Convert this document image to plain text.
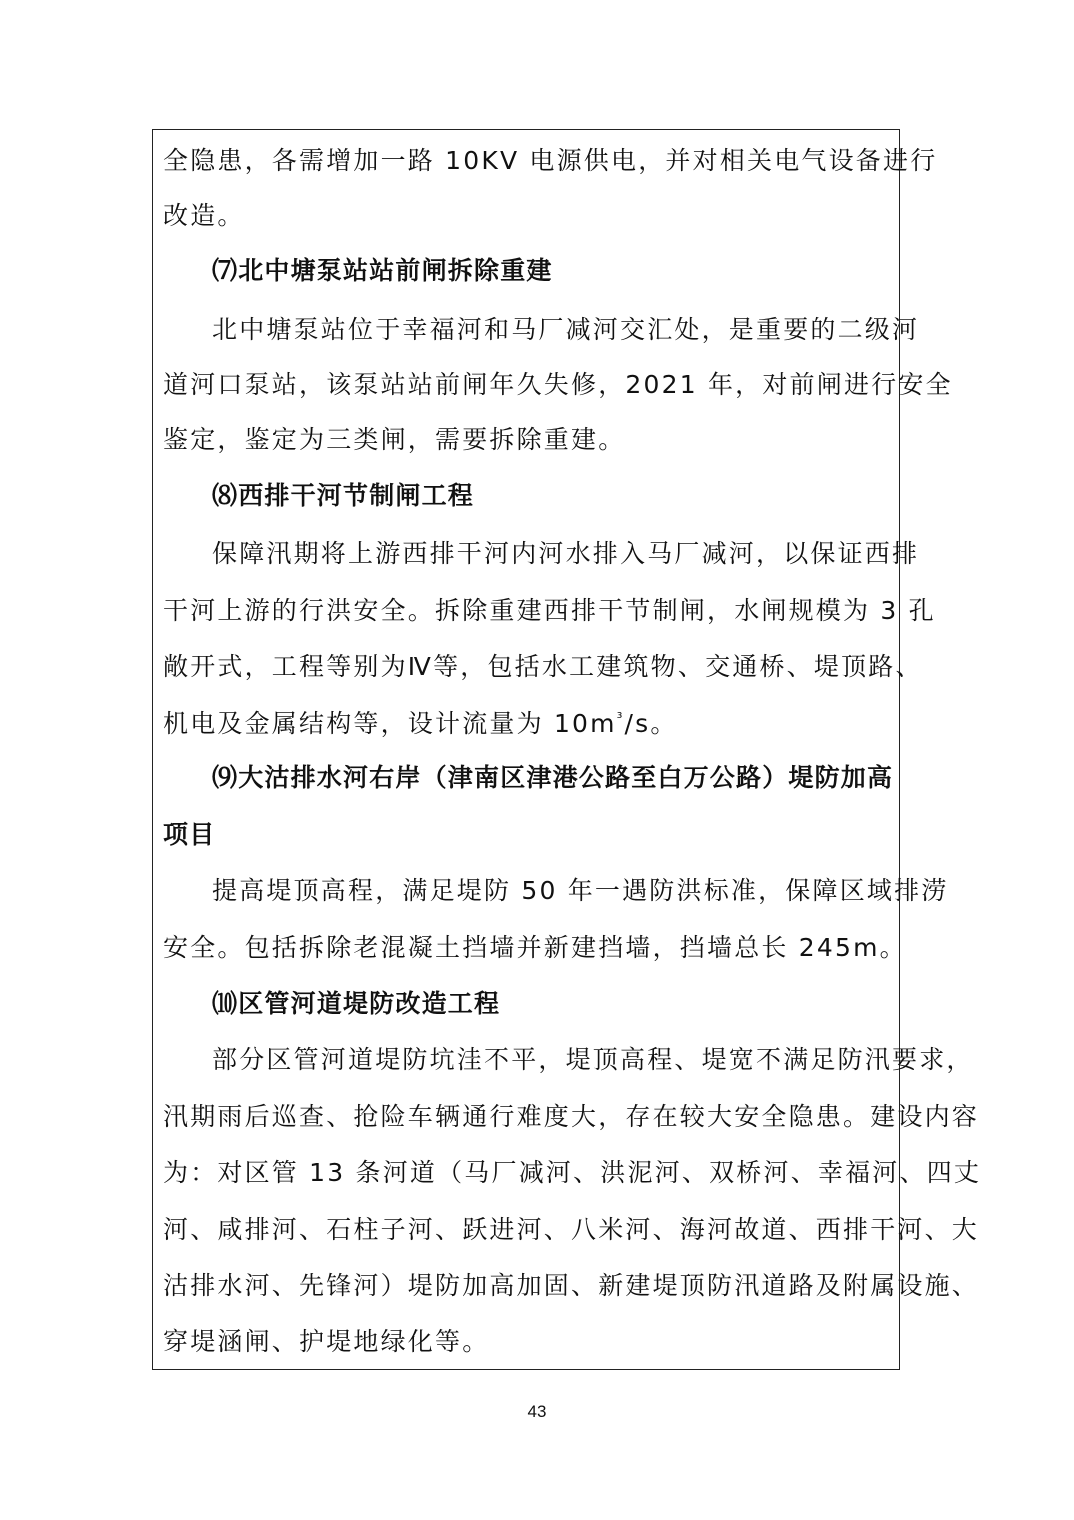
全隐患，各需增加一路 10KV 电源供电，并对相关电气设备进行
改造。
⑺北中塘泵站站前闸拆除重建
北中塘泵站位于幸福河和马厂减河交汇处，是重要的二级河
道河口泵站，该泵站站前闸年久失修，2021 年，对前闸进行安全
鉴定，鉴定为三类闸，需要拆除重建。
⑻西排干河节制闸工程
保障汛期将上游西排干河内河水排入马厂减河，以保证西排
干河上游的行洪安全。拆除重建西排干节制闸，水闸规模为 3 孔
敞开式，工程等别为Ⅳ等，包括水工建筑物、交通桥、堤顶路、
机电及金属结构等，设计流量为 $10m^{^3}/s$。
⑼大沽排水河右岸（津南区津港公路至白万公路）堤防加高
项目
提高堤顶高程，满足堤防 50 年一遇防洪标准，保障区域排涝
安全。包括拆除老混凝土挡墙并新建挡墙，挡墙总长 245m。
⑽区管河道堤防改造工程
部分区管河道堤防坑洼不平，堤顶高程、堤宽不满足防汛要求，
汛期雨后巡查、抢险车辆通行难度大，存在较大安全隐患。建设内容
为：对区管 13 条河道（马厂减河、洪泥河、双桥河、幸福河、四丈
河、咸排河、石柱子河、跃进河、八米河、海河故道、西排干河、大
沽排水河、先锋河）堤防加高加固、新建堤顶防汛道路及附属设施、
穿堤涵闸、护堤地绿化等。
43
